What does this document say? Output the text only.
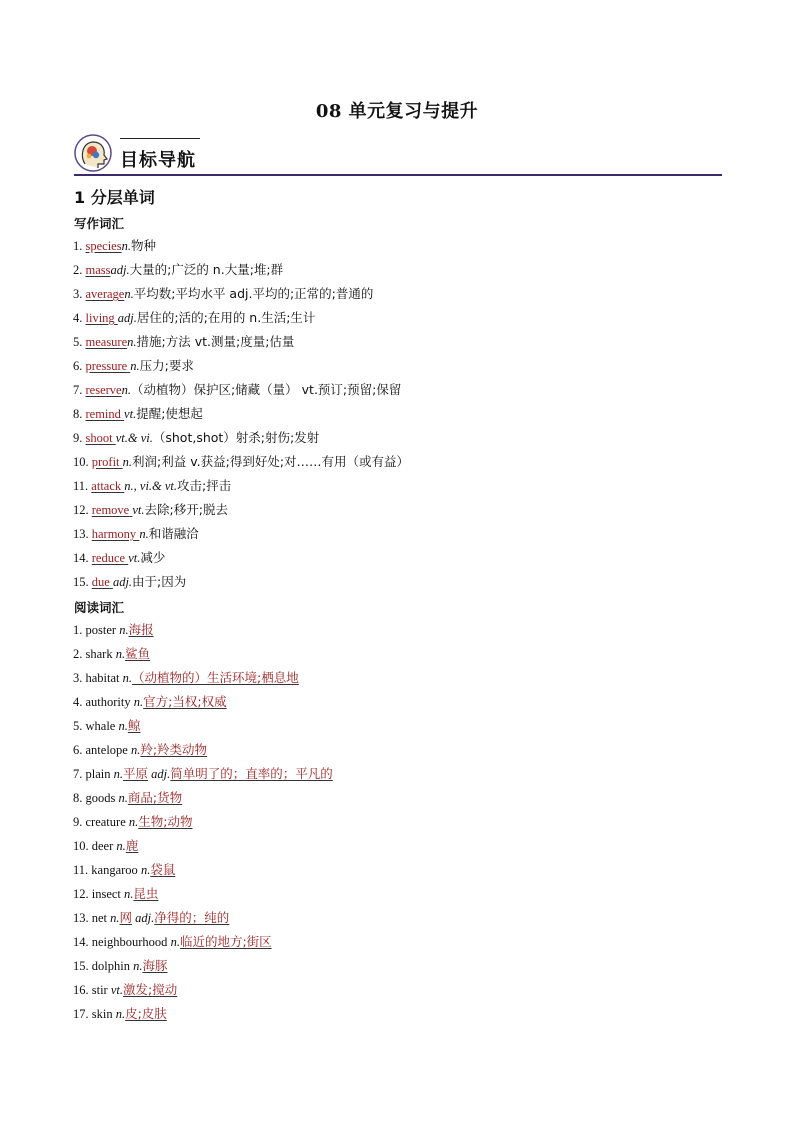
08 单元复习与提升
目标导航
1 分层单词
写作词汇
1. speciesn.物种
2. massadj.大量的;广泛的 n.大量;堆;群
3. averagen.平均数;平均水平 adj.平均的;正常的;普通的
4. living adj.居住的;活的;在用的 n.生活;生计
5. measuren.措施;方法 vt.测量;度量;估量
6. pressure n.压力;要求
7. reserven.（动植物）保护区;储藏（量） vt.预订;预留;保留
8. remind vt.提醒;使想起
9. shoot vt.& vi.（shot,shot）射杀;射伤;发射
10. profit n.利润;利益 v.获益;得到好处;对……有用（或有益）
11. attack n., vi.& vt.攻击;抨击
12. remove vt.去除;移开;脱去
13. harmony n.和谐融洽
14. reduce vt.减少
15. due adj.由于;因为
阅读词汇
1. poster n.海报
2. shark n.鲨鱼
3. habitat n.（动植物的）生活环境;栖息地
4. authority n.官方;当权;权威
5. whale n.鲸
6. antelope n.羚;羚类动物
7. plain n.平原 adj.简单明了的；直率的；平凡的
8. goods n.商品;货物
9. creature n.生物;动物
10. deer n.鹿
11. kangaroo n.袋鼠
12. insect n.昆虫
13. net n.网 adj.净得的；纯的
14. neighbourhood n.临近的地方;街区
15. dolphin n.海豚
16. stir vt.激发;搅动
17. skin n.皮;皮肤
